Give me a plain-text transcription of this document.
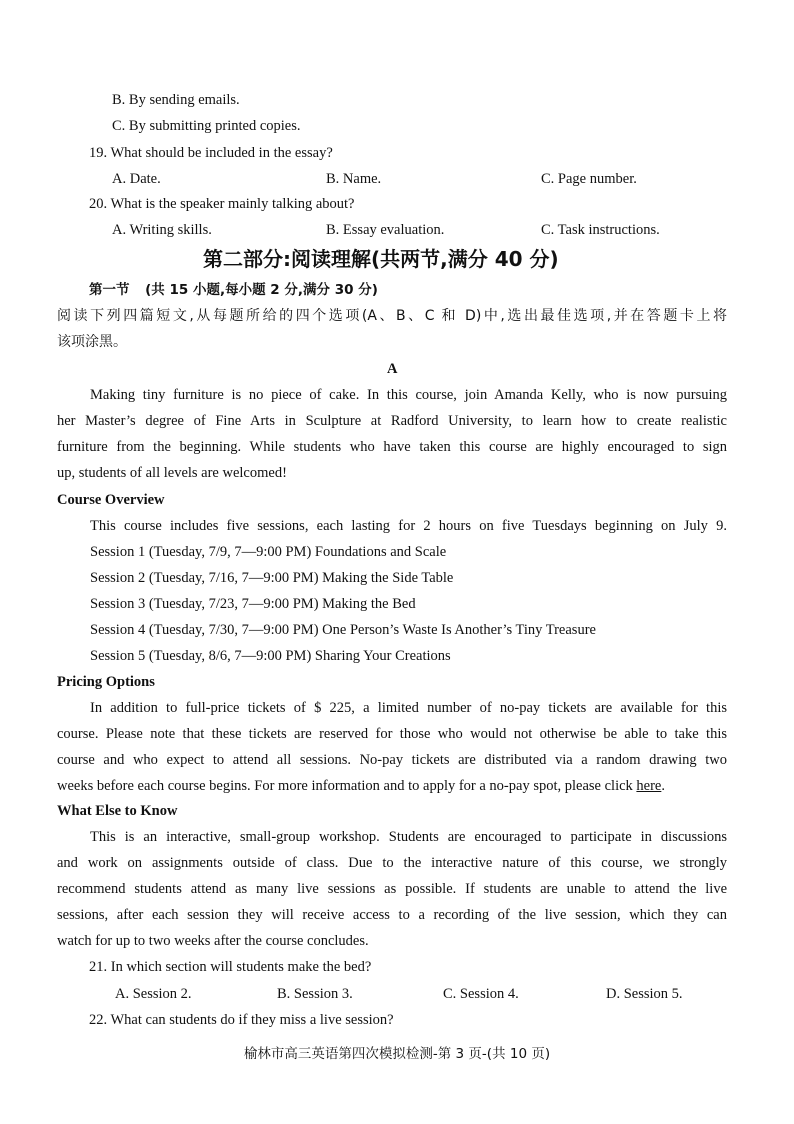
B. By sending emails.
C. By submitting printed copies.
19. What should be included in the essay?
A. Date.	B. Name.	C. Page number.
20. What is the speaker mainly talking about?
A. Writing skills.	B. Essay evaluation.	C. Task instructions.
第二部分:阅读理解(共两节,满分 40 分)
第一节 (共 15 小题,每小题 2 分,满分 30 分)
阅读下列四篇短文,从每题所给的四个选项(A、B、C 和 D)中,选出最佳选项,并在答题卡上将
该项涂黑。
A
Making tiny furniture is no piece of cake. In this course, join Amanda Kelly, who is now pursuing
her Master’s degree of Fine Arts in Sculpture at Radford University, to learn how to create realistic
furniture from the beginning. While students who have taken this course are highly encouraged to sign
up, students of all levels are welcomed!
Course Overview
This course includes five sessions, each lasting for 2 hours on five Tuesdays beginning on July 9.
Session 1 (Tuesday, 7/9, 7—9:00 PM) Foundations and Scale
Session 2 (Tuesday, 7/16, 7—9:00 PM) Making the Side Table
Session 3 (Tuesday, 7/23, 7—9:00 PM) Making the Bed
Session 4 (Tuesday, 7/30, 7—9:00 PM) One Person’s Waste Is Another’s Tiny Treasure
Session 5 (Tuesday, 8/6, 7—9:00 PM) Sharing Your Creations
Pricing Options
In addition to full-price tickets of $ 225, a limited number of no-pay tickets are available for this
course. Please note that these tickets are reserved for those who would not otherwise be able to take this
course and who expect to attend all sessions. No-pay tickets are distributed via a random drawing two
weeks before each course begins. For more information and to apply for a no-pay spot, please click here.
What Else to Know
This is an interactive, small-group workshop. Students are encouraged to participate in discussions
and work on assignments outside of class. Due to the interactive nature of this course, we strongly
recommend students attend as many live sessions as possible. If students are unable to attend the live
sessions, after each session they will receive access to a recording of the live session, which they can
watch for up to two weeks after the course concludes.
21. In which section will students make the bed?
A. Session 2.	B. Session 3.	C. Session 4.	D. Session 5.
22. What can students do if they miss a live session?
榆林市高三英语第四次模拟检测-第 3 页-(共 10 页)
